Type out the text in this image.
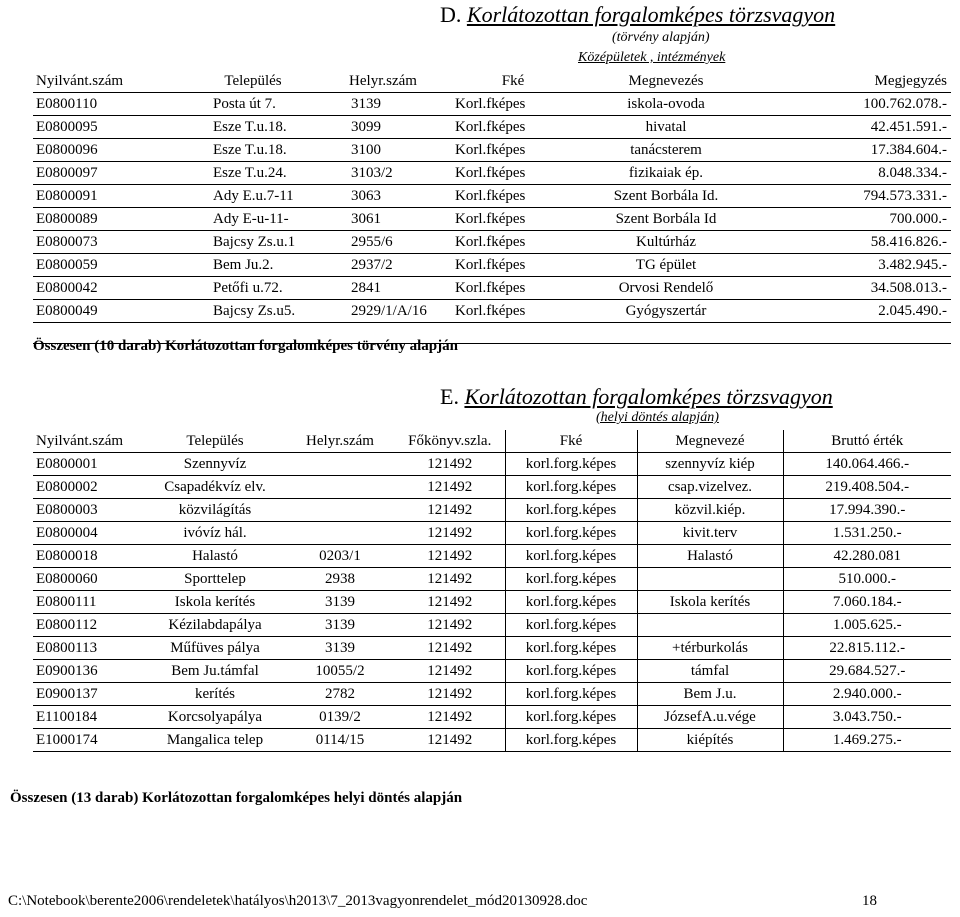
D. Korlátozottan forgalomképes törzsvagyon
(törvény alapján)
Középületek , intézmények
Nyilvánt.szám	Település	Helyr.szám	Fké	Megnevezés	Megjegyzés
E0800110	Posta út 7.	3139	Korl.fképes	iskola-ovoda	100.762.078.-
E0800095	Esze T.u.18.	3099	Korl.fképes	hivatal	42.451.591.-
E0800096	Esze T.u.18.	3100	Korl.fképes	tanácsterem	17.384.604.-
E0800097	Esze T.u.24.	3103/2	Korl.fképes	fizikaiak ép.	8.048.334.-
E0800091	Ady E.u.7-11	3063	Korl.fképes	Szent Borbála Id.	794.573.331.-
E0800089	Ady E-u-11-	3061	Korl.fképes	Szent Borbála Id	700.000.-
E0800073	Bajcsy Zs.u.1	2955/6	Korl.fképes	Kultúrház	58.416.826.-
E0800059	Bem Ju.2.	2937/2	Korl.fképes	TG épület	3.482.945.-
E0800042	Petőfi u.72.	2841	Korl.fképes	Orvosi Rendelő	34.508.013.-
E0800049	Bajcsy Zs.u5.	2929/1/A/16	Korl.fképes	Gyógyszertár	2.045.490.-

Összesen (10 darab) Korlátozottan forgalomképes törvény alapján
E. Korlátozottan forgalomképes törzsvagyon
(helyi döntés alapján)
Nyilvánt.szám	Település	Helyr.szám	Főkönyv.szla.	Fké	Megnevezé	Bruttó érték
E0800001	Szennyvíz		121492	korl.forg.képes	szennyvíz kiép	140.064.466.-
E0800002	Csapadékvíz elv.		121492	korl.forg.képes	csap.vizelvez.	219.408.504.-
E0800003	közvilágítás		121492	korl.forg.képes	közvil.kiép.	17.994.390.-
E0800004	ivóvíz hál.		121492	korl.forg.képes	kivit.terv	1.531.250.-
E0800018	Halastó	0203/1	121492	korl.forg.képes	Halastó	42.280.081
E0800060	Sporttelep	2938	121492	korl.forg.képes		510.000.-
E0800111	Iskola kerítés	3139	121492	korl.forg.képes	Iskola kerítés	7.060.184.-
E0800112	Kézilabdapálya	3139	121492	korl.forg.képes		1.005.625.-
E0800113	Műfüves pálya	3139	121492	korl.forg.képes	+térburkolás	22.815.112.-
E0900136	Bem Ju.támfal	10055/2	121492	korl.forg.képes	támfal	29.684.527.-
E0900137	kerítés	2782	121492	korl.forg.képes	Bem J.u.	2.940.000.-
E1100184	Korcsolyapálya	0139/2	121492	korl.forg.képes	JózsefA.u.vége	3.043.750.-
E1000174	Mangalica telep	0114/15	121492	korl.forg.képes	kiépítés	1.469.275.-
Összesen (13 darab) Korlátozottan forgalomképes helyi döntés alapján
C:\Notebook\berente2006\rendeletek\hatályos\h2013\7_2013vagyonrendelet_mód20130928.doc	18
